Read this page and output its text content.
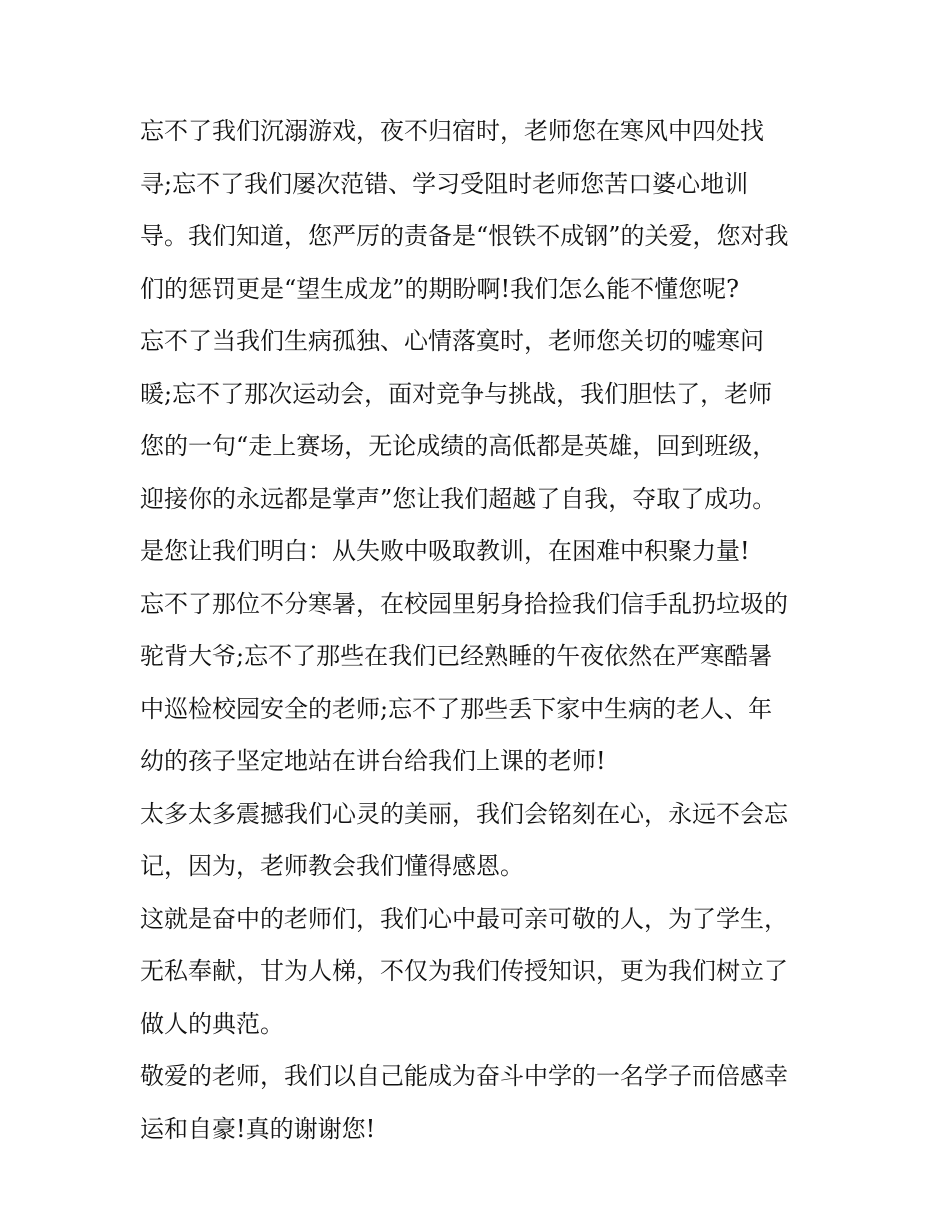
忘不了我们沉溺游戏，夜不归宿时，老师您在寒风中四处找
寻;忘不了我们屡次范错、学习受阻时老师您苦口婆心地训
导。我们知道，您严厉的责备是“恨铁不成钢”的关爱，您对我
们的惩罚更是“望生成龙”的期盼啊!我们怎么能不懂您呢?
忘不了当我们生病孤独、心情落寞时，老师您关切的嘘寒问
暖;忘不了那次运动会，面对竞争与挑战，我们胆怯了，老师
您的一句“走上赛场，无论成绩的高低都是英雄，回到班级，
迎接你的永远都是掌声”您让我们超越了自我，夺取了成功。
是您让我们明白：从失败中吸取教训，在困难中积聚力量!
忘不了那位不分寒暑，在校园里躬身拾捡我们信手乱扔垃圾的
驼背大爷;忘不了那些在我们已经熟睡的午夜依然在严寒酷暑
中巡检校园安全的老师;忘不了那些丢下家中生病的老人、年
幼的孩子坚定地站在讲台给我们上课的老师!
太多太多震撼我们心灵的美丽，我们会铭刻在心，永远不会忘
记，因为，老师教会我们懂得感恩。
这就是奋中的老师们，我们心中最可亲可敬的人，为了学生，
无私奉献，甘为人梯，不仅为我们传授知识，更为我们树立了
做人的典范。
敬爱的老师，我们以自己能成为奋斗中学的一名学子而倍感幸
运和自豪!真的谢谢您!
